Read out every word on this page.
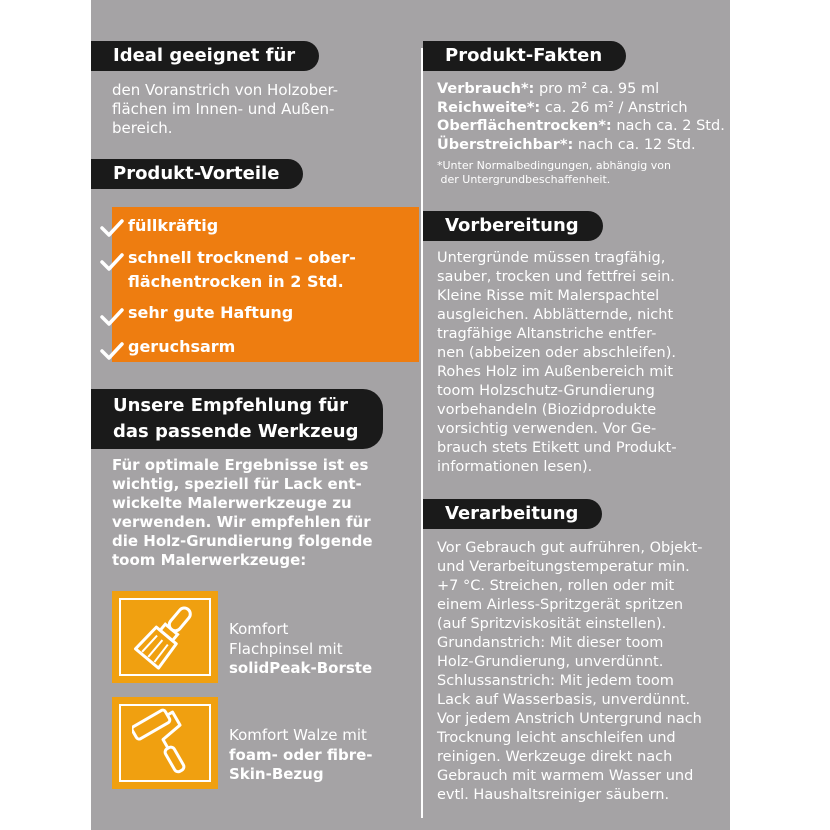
Ideal geeignet für
den Voranstrich von Holzober-
flächen im Innen- und Außen-
bereich.
Produkt-Vorteile
füllkräftig
schnell trocknend – ober-
flächentrocken in 2 Std.
sehr gute Haftung
geruchsarm
Unsere Empfehlung für
das passende Werkzeug
Für optimale Ergebnisse ist es
wichtig, speziell für Lack ent-
wickelte Malerwerkzeuge zu
verwenden. Wir empfehlen für
die Holz-Grundierung folgende
toom Malerwerkzeuge:
Komfort
Flachpinsel mit
solidPeak-Borste
Komfort Walze mit
foam- oder fibre-
Skin-Bezug
Produkt-Fakten
Verbrauch*: pro m² ca. 95 ml
Reichweite*: ca. 26 m² / Anstrich
Oberflächentrocken*: nach ca. 2 Std.
Überstreichbar*: nach ca. 12 Std.
*Unter Normalbedingungen, abhängig von
der Untergrundbeschaffenheit.
Vorbereitung
Untergründe müssen tragfähig,
sauber, trocken und fettfrei sein.
Kleine Risse mit Malerspachtel
ausgleichen. Abblätternde, nicht
tragfähige Altanstriche entfer-
nen (abbeizen oder abschleifen).
Rohes Holz im Außenbereich mit
toom Holzschutz-Grundierung
vorbehandeln (Biozidprodukte
vorsichtig verwenden. Vor Ge-
brauch stets Etikett und Produkt-
informationen lesen).
Verarbeitung
Vor Gebrauch gut aufrühren, Objekt-
und Verarbeitungstemperatur min.
+7 °C. Streichen, rollen oder mit
einem Airless-Spritzgerät spritzen
(auf Spritzviskosität einstellen).
Grundanstrich: Mit dieser toom
Holz-Grundierung, unverdünnt.
Schlussanstrich: Mit jedem toom
Lack auf Wasserbasis, unverdünnt.
Vor jedem Anstrich Untergrund nach
Trocknung leicht anschleifen und
reinigen. Werkzeuge direkt nach
Gebrauch mit warmem Wasser und
evtl. Haushaltsreiniger säubern.
